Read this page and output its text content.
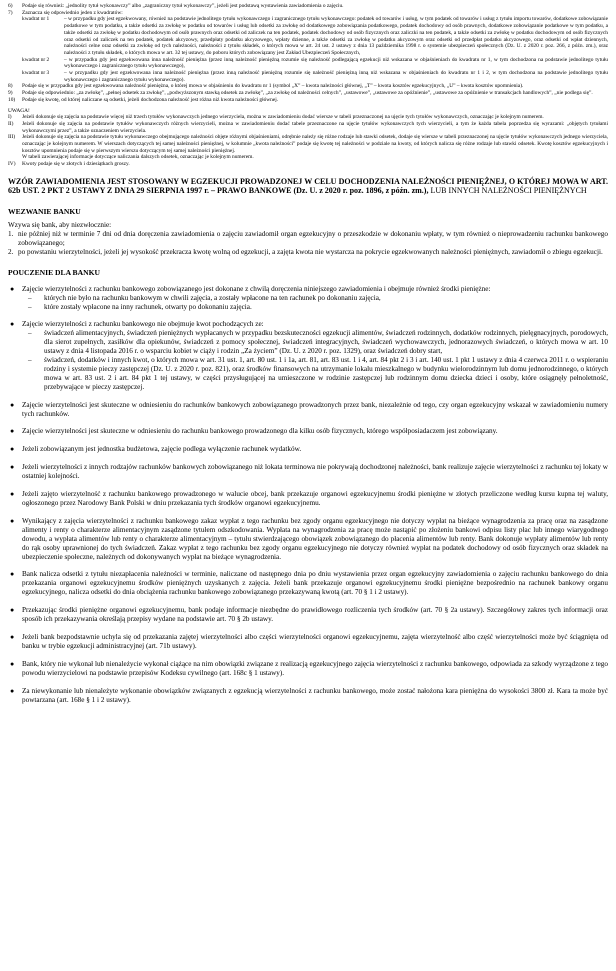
6)	Podaje się również: „jednolity tytuł wykonawczy” albo „zagraniczny tytuł wykonawczy”, jeżeli jest podstawą wystawienia zawiadomienia o zajęciu.
7)	Zaznacza się odpowiednio jeden z kwadratów:
kwadrat nr 1	– w przypadku gdy jest egzekwowany, również na podstawie jednolitego tytułu wykonawczego i zagranicznego tytułu wykonawczego: podatek od towarów i usług, w tym podatek od towarów i usług z tytułu importu towarów, dodatkowe zobowiązanie podatkowe w tym podatku, a także odsetki za zwłokę w podatku od towarów i usług lub odsetki za zwłokę od dodatkowego zobowiązania podatkowego, podatek dochodowy od osób prawnych, dodatkowe zobowiązanie podatkowe w tym podatku, a także odsetki za zwłokę w podatku dochodowym od osób prawnych oraz odsetki od zaliczek na ten podatek, podatek dochodowy od osób fizycznych oraz zaliczki na ten podatek, a także odsetki za zwłokę w podatku dochodowym od osób fizycznych oraz odsetki od zaliczek na ten podatek, podatek akcyzowy, przedpłaty podatku akcyzowego, wpłaty dzienne, a także odsetki za zwłokę w podatku akcyzowym oraz odsetki od przedpłat podatku akcyzowego, oraz odsetki od wpłat dziennych, należności celne oraz odsetki za zwłokę od tych należności, należności z tytułu składek, o których mowa w art. 24 ust. 2 ustawy z dnia 13 października 1998 r. o systemie ubezpieczeń społecznych (Dz. U. z 2020 r. poz. 266, z późn. zm.), oraz należności z tytułu składek, o których mowa w art. 32 tej ustawy, do poboru których zobowiązany jest Zakład Ubezpieczeń Społecznych,
kwadrat nr 2	– w przypadku gdy jest egzekwowana inna należność pieniężna (przez inną należność pieniężną rozumie się należność podlegającą egzekucji niż wskazana w objaśnieniach do kwadratu nr 1, w tym dochodzona na podstawie jednolitego tytułu wykonawczego i zagranicznego tytułu wykonawczego),
kwadrat nr 3	– w przypadku gdy jest egzekwowana inna należność pieniężna (przez inną należność pieniężną rozumie się należność pieniężną inną niż wskazana w objaśnieniach do kwadratu nr 1 i 2, w tym dochodzona na podstawie jednolitego tytułu wykonawczego i zagranicznego tytułu wykonawczego).
8)	Podaje się w przypadku gdy jest egzekwowana należność pieniężna, o której mowa w objaśnieniu do kwadratu nr 1 (symbol „X” – kwota należności głównej, „T” – kwota kosztów egzekucyjnych, „U” – kwota kosztów upomnienia).
9)	Podaje się odpowiednio: „za zwłokę”, „pełnej odsetek za zwłokę”, „podwyższonym stawką odsetek za zwłokę”, „za zwłokę od należności celnych”, „ustawowe”, „ustawowe za opóźnienie”, „ustawowe za opóźnienie w transakcjach handlowych”, „nie podlega się”.
10)	Podaje się kwotę, od której naliczane są odsetki, jeżeli dochodzona należność jest różna niż kwota należności głównej.
UWAGA!
I)	Jeżeli dokonuje się zajęcia na podstawie więcej niż trzech tytułów wykonawczych jednego wierzyciela, można w zawiadomieniu dodać wiersze w tabeli przeznaczonej na ujęcie tych tytułów wykonawczych, oznaczając je kolejnym numerem.
II)	Jeżeli dokonuje się zajęcia na podstawie tytułów wykonawczych różnych wierzycieli, można w zawiadomieniu dodać tabele przeznaczone na ujęcie tytułów wykonawczych tych wierzycieli, a tym że każda tabela poprzedza się wyrazami: „objętych tytułami wykonawczymi przez”, a także oznaczeniem wierzyciela.
III)	Jeżeli dokonuje się zajęcia na podstawie tytułu wykonawczego obejmującego należności objęte różnymi objaśnieniami, odrębnie należy się różne rodzaje lub stawki odsetek, dodaje się wiersze w tabeli przeznaczonej na ujęcie tytułów wykonawczych jednego wierzyciela, oznaczając je kolejnym numerem. W wierszach dotyczących tej samej należności pieniężnej, w kolumnie „kwota należności” podaje się kwotę tej należności w podziale na kwoty, od których nalicza się różne rodzaje lub stawki odsetek. Kwotę kosztów egzekucyjnych i kosztów upomnienia podaje się w pierwszym wierszu dotyczącym tej samej należności pieniężnej.
W tabeli zawierającej informacje dotyczące naliczania dalszych odsetek, oznaczając je kolejnym numerem.
IV)	Kwoty podaje się w złotych i dziesiątkach groszy.
WZÓR ZAWIADOMIENIA JEST STOSOWANY W EGZEKUCJI PROWADZONEJ W CELU DOCHODZENIA NALEŻNOŚCI PIENIĘŻNEJ, O KTÓREJ MOWA W ART. 62b UST. 2 PKT 2 USTAWY Z DNIA 29 SIERPNIA 1997 r. – PRAWO BANKOWE (Dz. U. z 2020 r. poz. 1896, z późn. zm.), LUB INNYCH NALEŻNOŚCI PIENIĘŻNYCH
WEZWANIE BANKU
Wzywa się bank, aby niezwłocznie:
1. nie później niż w terminie 7 dni od dnia doręczenia zawiadomienia o zajęciu zawiadomił organ egzekucyjny o przeszkodzie w dokonaniu wpłaty, w tym również o nieprowadzeniu rachunku bankowego zobowiązanego;
2. po powstaniu wierzytelności, jeżeli jej wysokość przekracza kwotę wolną od egzekucji, a zajęta kwota nie wystarcza na pokrycie egzekwowanych należności pieniężnych, zawiadomił o zbiegu egzekucji.
POUCZENIE DLA BANKU
●	Zajęcie wierzytelności z rachunku bankowego zobowiązanego jest dokonane z chwilą doręczenia niniejszego zawiadomienia i obejmuje również środki pieniężne:
–	których nie było na rachunku bankowym w chwili zajęcia, a zostały wpłacone na ten rachunek po dokonaniu zajęcia,
–	które zostały wpłacone na inny rachunek, otwarty po dokonaniu zajęcia.
●	Zajęcie wierzytelności z rachunku bankowego nie obejmuje kwot pochodzących ze:
–	świadczeń alimentacyjnych, świadczeń pieniężnych wypłacanych w przypadku bezskuteczności egzekucji alimentów, świadczeń rodzinnych, dodatków rodzinnych, pielęgnacyjnych, porodowych, dla sierot zupełnych, zasiłków dla opiekunów, świadczeń z pomocy społecznej, świadczeń integracyjnych, świadczeń wychowawczych, jednorazowych świadczeń, o których mowa w art. 10 ustawy z dnia 4 listopada 2016 r. o wsparciu kobiet w ciąży i rodzin „Za życiem” (Dz. U. z 2020 r. poz. 1329), oraz świadczeń dobry start,
–	świadczeń, dodatków i innych kwot, o których mowa w art. 31 ust. 1, art. 80 ust. 1 i 1a, art. 81, art. 83 ust. 1 i 4, art. 84 pkt 2 i 3 i art. 140 ust. 1 pkt 1 ustawy z dnia 4 czerwca 2011 r. o wspieraniu rodziny i systemie pieczy zastępczej (Dz. U. z 2020 r. poz. 821), oraz środków finansowych na utrzymanie lokalu mieszkalnego w budynku wielorodzinnym lub domu jednorodzinnego, o których mowa w art. 83 ust. 2 i art. 84 pkt 1 tej ustawy, w części przysługującej na umieszczone w rodzinie zastępczej lub rodzinnym domu dziecka dzieci i osoby, które osiągnęły pełnoletność, przebywające w pieczy zastępczej.
●	Zajęcie wierzytelności jest skuteczne w odniesieniu do rachunków bankowych zobowiązanego prowadzonych przez bank, niezależnie od tego, czy organ egzekucyjny wskazał w zawiadomieniu numery tych rachunków.
●	Zajęcie wierzytelności jest skuteczne w odniesieniu do rachunku bankowego prowadzonego dla kilku osób fizycznych, którego współposiadaczem jest zobowiązany.
●	Jeżeli zobowiązanym jest jednostka budżetowa, zajęcie podlega wyłączenie rachunek wydatków.
●	Jeżeli wierzytelności z innych rodzajów rachunków bankowych zobowiązanego niż lokata terminowa nie pokrywają dochodzonej należności, bank realizuje zajęcie wierzytelności z rachunku tej lokaty w ostatniej kolejności.
●	Jeżeli zajęto wierzytelność z rachunku bankowego prowadzonego w walucie obcej, bank przekazuje organowi egzekucyjnemu środki pieniężne w złotych przeliczone według kursu kupna tej waluty, ogłoszonego przez Narodowy Bank Polski w dniu przekazania tych środków organowi egzekucyjnemu.
●	Wynikający z zajęcia wierzytelności z rachunku bankowego zakaz wypłat z tego rachunku bez zgody organu egzekucyjnego nie dotyczy wypłat na bieżące wynagrodzenia za pracę oraz na zasądzone alimenty i renty o charakterze alimentacyjnym zasądzone tytułem odszkodowania. Wypłata na wynagrodzenia za pracę może nastąpić po złożeniu bankowi odpisu listy płac lub innego wiarygodnego dowodu, a wypłata alimentów lub renty o charakterze alimentacyjnym – tytułu stwierdzającego obowiązek zobowiązanego do płacenia alimentów lub renty. Bank dokonuje wypłaty alimentów lub renty do rąk osoby uprawnionej do tych świadczeń. Zakaz wypłat z tego rachunku bez zgody organu egzekucyjnego nie dotyczy również wypłat na podatek dochodowy od osób fizycznych oraz składek na ubezpieczenie społeczne, należnych od dokonywanych wypłat na bieżące wynagrodzenia.
●	Bank nalicza odsetki z tytułu niezapłacenia należności w terminie, naliczane od następnego dnia po dniu wystawienia przez organ egzekucyjny zawiadomienia o zajęciu rachunku bankowego do dnia przekazania organowi egzekucyjnemu środków pieniężnych uzyskanych z zajęcia. Jeżeli bank przekazuje organowi egzekucyjnemu środki pieniężne bezpośrednio na rachunek bankowy organu egzekucyjnego, nalicza odsetki do dnia obciążenia rachunku bankowego zobowiązanego przekazywaną kwotą (art. 70 § 1 i 2 ustawy).
●	Przekazując środki pieniężne organowi egzekucyjnemu, bank podaje informacje niezbędne do prawidłowego rozliczenia tych środków (art. 70 § 2a ustawy). Szczegółowy zakres tych informacji oraz sposób ich przekazywania określają przepisy wydane na podstawie art. 70 § 2b ustawy.
●	Jeżeli bank bezpodstawnie uchyla się od przekazania zajętej wierzytelności albo części wierzytelności organowi egzekucyjnemu, zajęta wierzytelność albo część wierzytelności może być ściągnięta od banku w trybie egzekucji administracyjnej (art. 71b ustawy).
●	Bank, który nie wykonał lub nienależycie wykonał ciążące na nim obowiązki związane z realizacją egzekucyjnego zajęcia wierzytelności z rachunku bankowego, odpowiada za szkody wyrządzone z tego powodu wierzycielowi na podstawie przepisów Kodeksu cywilnego (art. 168c § 1 ustawy).
●	Za niewykonanie lub nienależyte wykonanie obowiązków związanych z egzekucją wierzytelności z rachunku bankowego, może zostać nałożona kara pieniężna do wysokości 3800 zł. Kara ta może być powtarzana (art. 168e § 1 i 2 ustawy).
